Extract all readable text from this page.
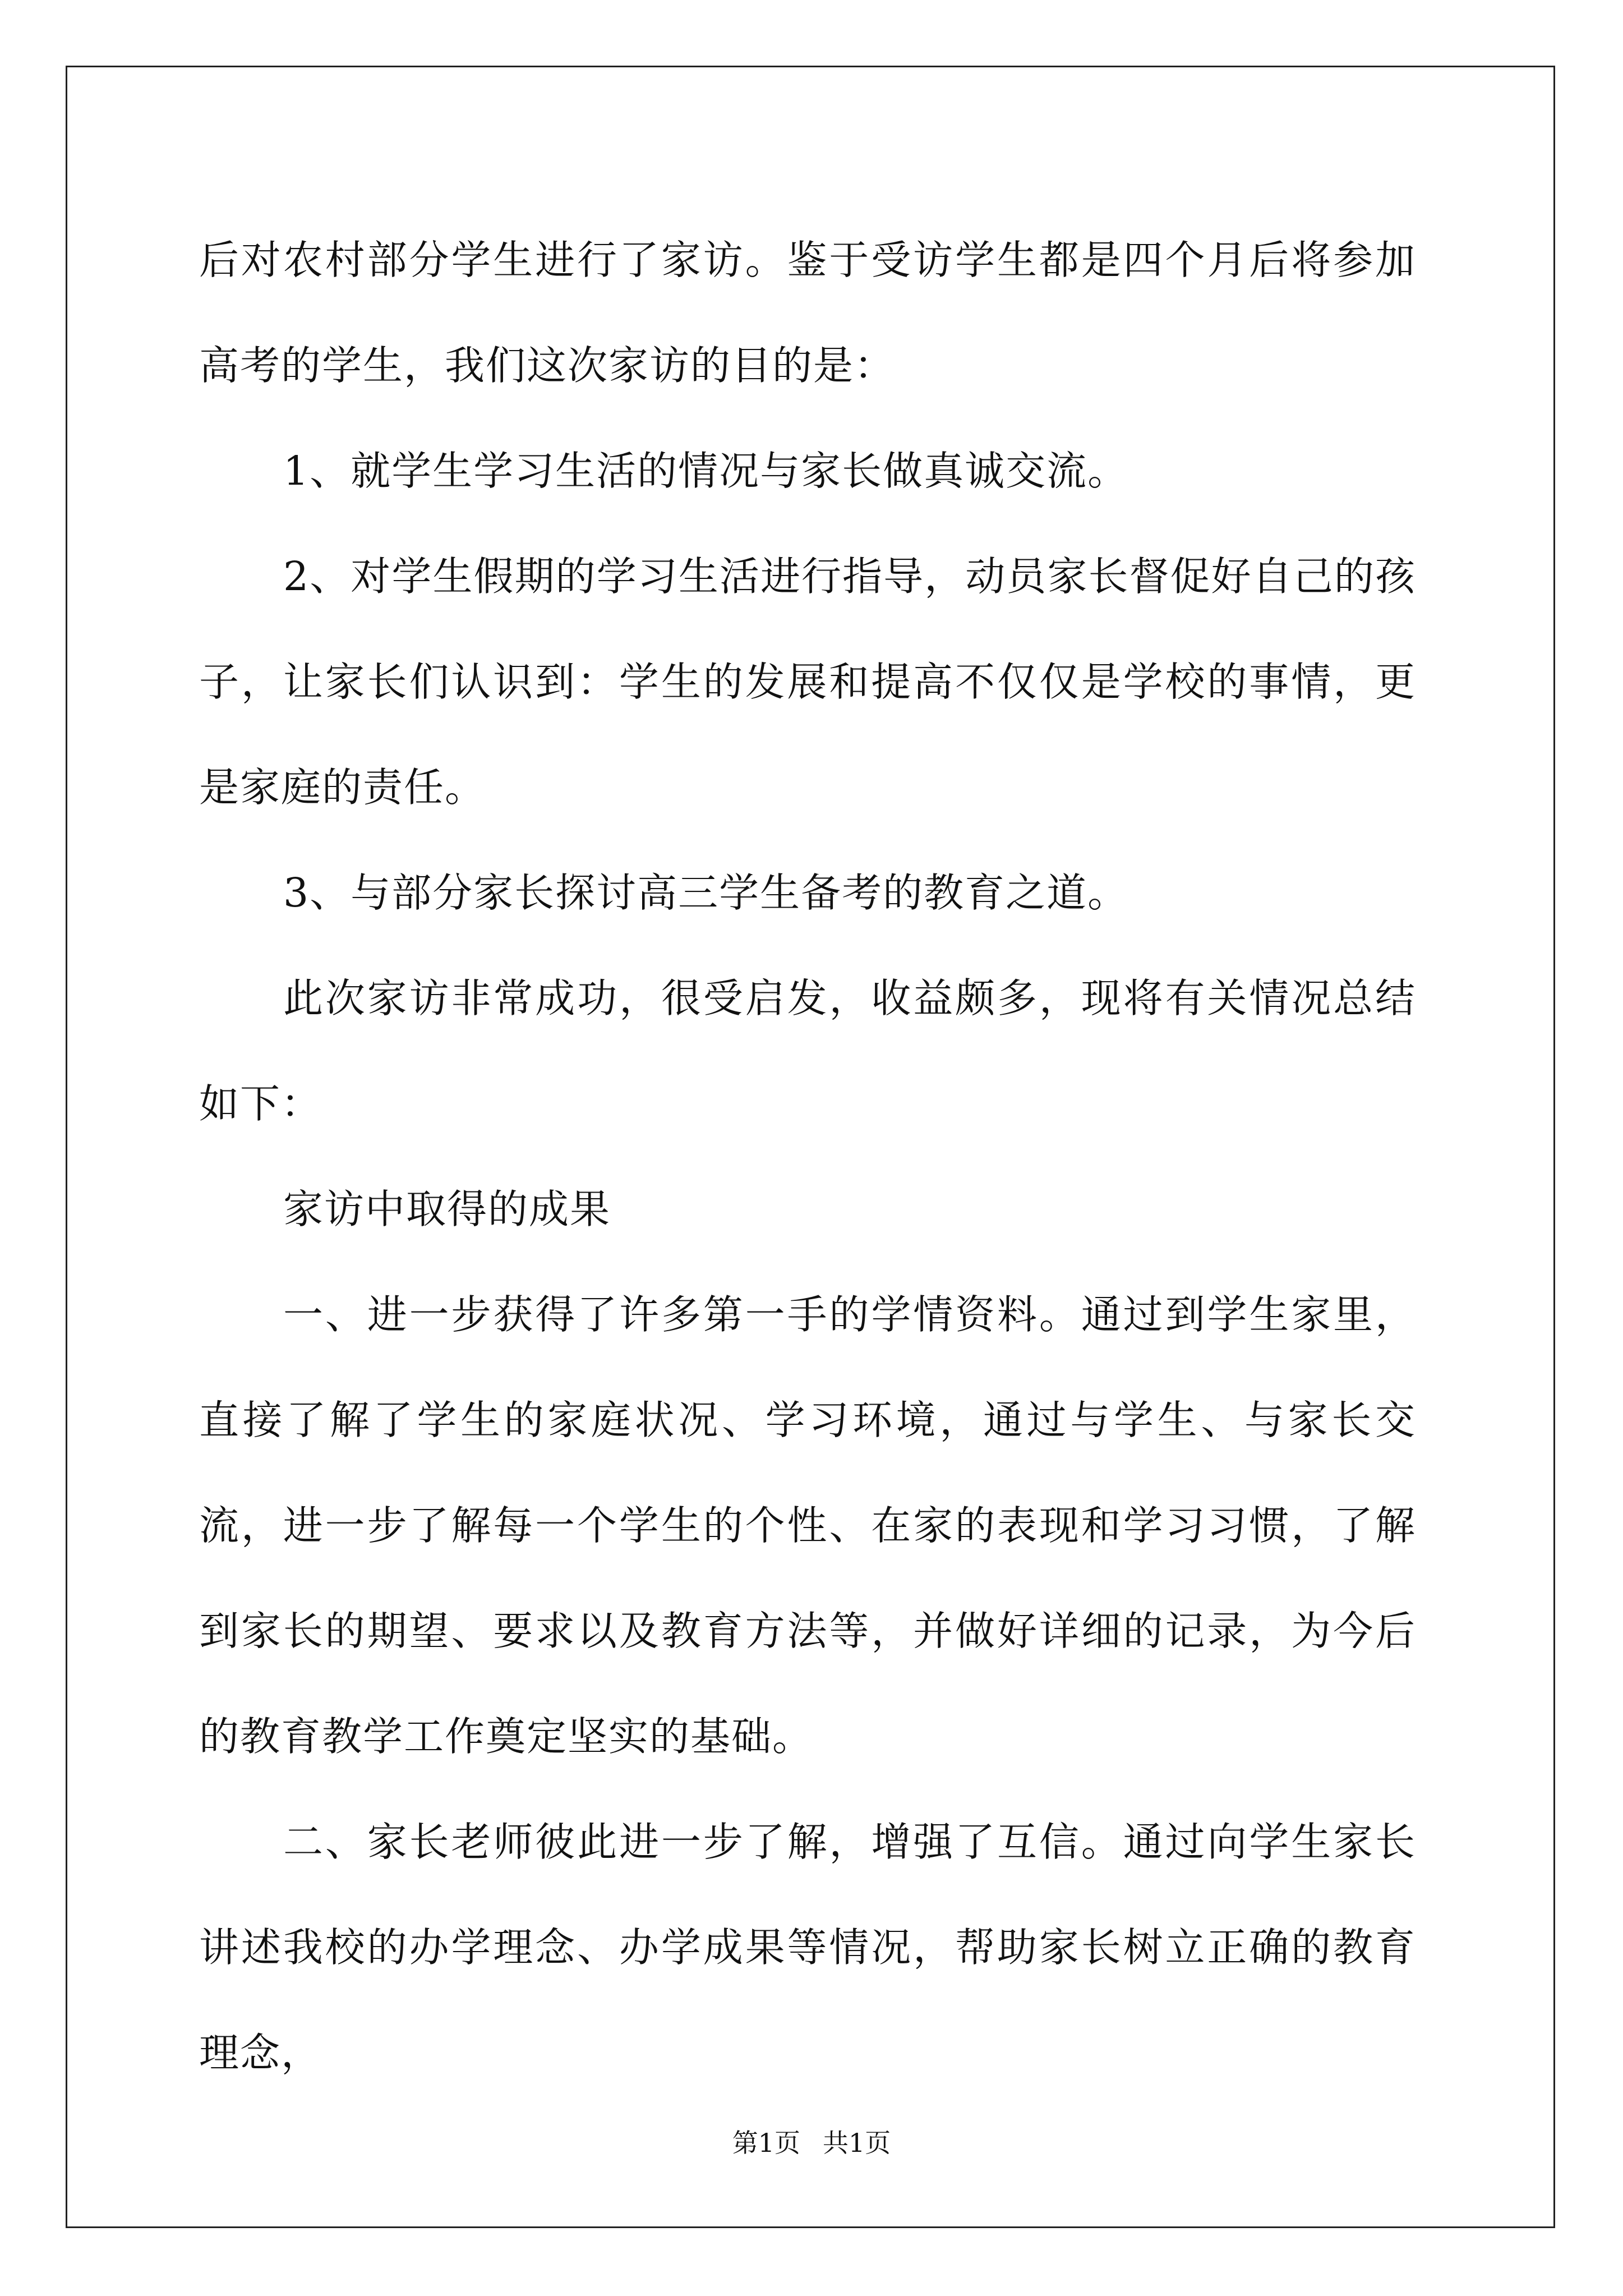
后对农村部分学生进行了家访。鉴于受访学生都是四个月后将参加高考的学生，我们这次家访的目的是：

1、就学生学习生活的情况与家长做真诚交流。

2、对学生假期的学习生活进行指导，动员家长督促好自己的孩子，让家长们认识到：学生的发展和提高不仅仅是学校的事情，更是家庭的责任。

3、与部分家长探讨高三学生备考的教育之道。

此次家访非常成功，很受启发，收益颇多，现将有关情况总结如下：

家访中取得的成果

一、进一步获得了许多第一手的学情资料。通过到学生家里，直接了解了学生的家庭状况、学习环境，通过与学生、与家长交流，进一步了解每一个学生的个性、在家的表现和学习习惯，了解到家长的期望、要求以及教育方法等，并做好详细的记录，为今后的教育教学工作奠定坚实的基础。

二、家长老师彼此进一步了解，增强了互信。通过向学生家长讲述我校的办学理念、办学成果等情况，帮助家长树立正确的教育理念，

第1页 共1页
